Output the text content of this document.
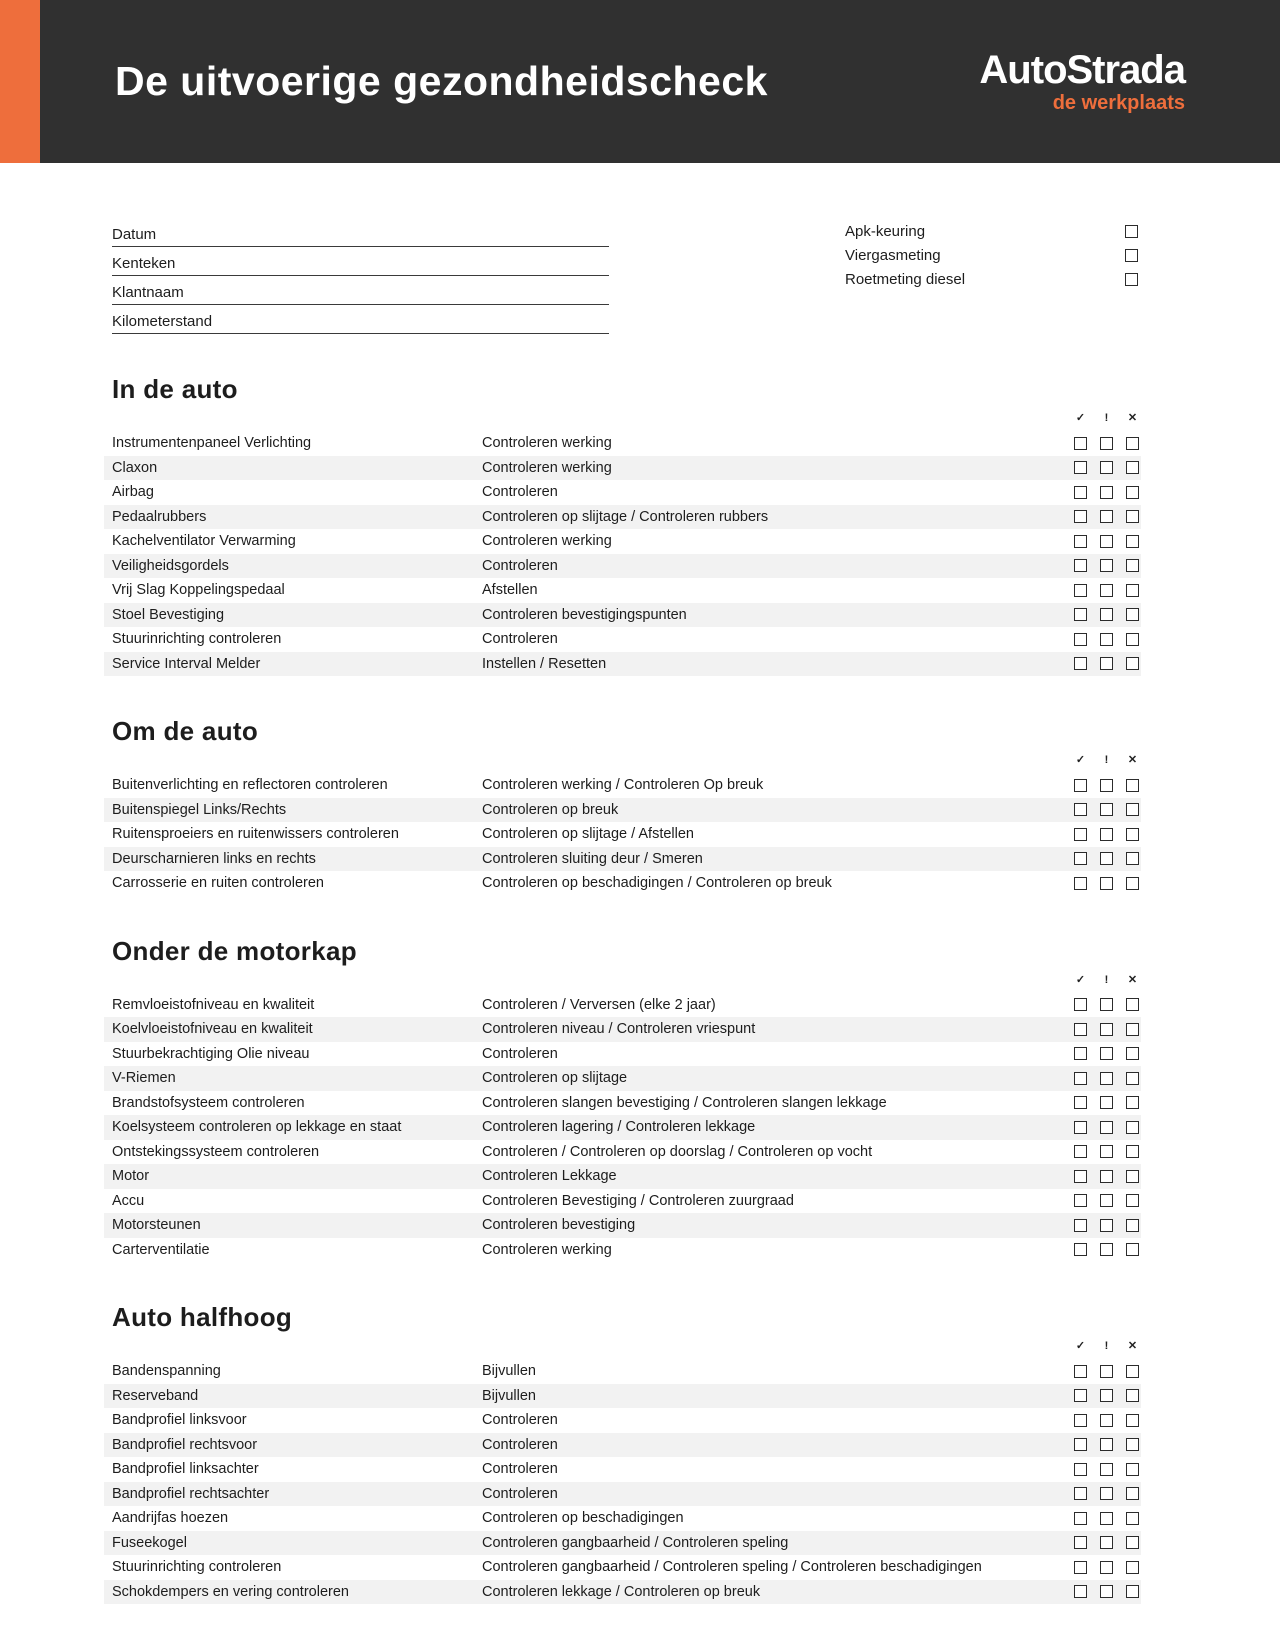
De uitvoerige gezondheidscheck	AutoStrada
de werkplaats
Datum
Kenteken
Klantnaam
Kilometerstand
Apk-keuring
Viergasmeting
Roetmeting diesel
In de auto
✓	!	✕
Instrumentenpaneel Verlichting	Controleren werking
Claxon	Controleren werking
Airbag	Controleren
Pedaalrubbers	Controleren op slijtage / Controleren rubbers
Kachelventilator Verwarming	Controleren werking
Veiligheidsgordels	Controleren
Vrij Slag Koppelingspedaal	Afstellen
Stoel Bevestiging	Controleren bevestigingspunten
Stuurinrichting controleren	Controleren
Service Interval Melder	Instellen / Resetten
Om de auto
✓	!	✕
Buitenverlichting en reflectoren controleren	Controleren werking / Controleren Op breuk
Buitenspiegel Links/Rechts	Controleren op breuk
Ruitensproeiers en ruitenwissers controleren	Controleren op slijtage / Afstellen
Deurscharnieren links en rechts	Controleren sluiting deur / Smeren
Carrosserie en ruiten controleren	Controleren op beschadigingen / Controleren op breuk
Onder de motorkap
✓	!	✕
Remvloeistofniveau en kwaliteit	Controleren / Verversen (elke 2 jaar)
Koelvloeistofniveau en kwaliteit	Controleren niveau / Controleren vriespunt
Stuurbekrachtiging Olie niveau	Controleren
V-Riemen	Controleren op slijtage
Brandstofsysteem controleren	Controleren slangen bevestiging / Controleren slangen lekkage
Koelsysteem controleren op lekkage en staat	Controleren lagering / Controleren lekkage
Ontstekingssysteem controleren	Controleren / Controleren op doorslag / Controleren op vocht
Motor	Controleren Lekkage
Accu	Controleren Bevestiging / Controleren zuurgraad
Motorsteunen	Controleren bevestiging
Carterventilatie	Controleren werking
Auto halfhoog
✓	!	✕
Bandenspanning	Bijvullen
Reserveband	Bijvullen
Bandprofiel linksvoor	Controleren
Bandprofiel rechtsvoor	Controleren
Bandprofiel linksachter	Controleren
Bandprofiel rechtsachter	Controleren
Aandrijfas hoezen	Controleren op beschadigingen
Fuseekogel	Controleren gangbaarheid / Controleren speling
Stuurinrichting controleren	Controleren gangbaarheid / Controleren speling / Controleren beschadigingen
Schokdempers en vering controleren	Controleren lekkage / Controleren op breuk
